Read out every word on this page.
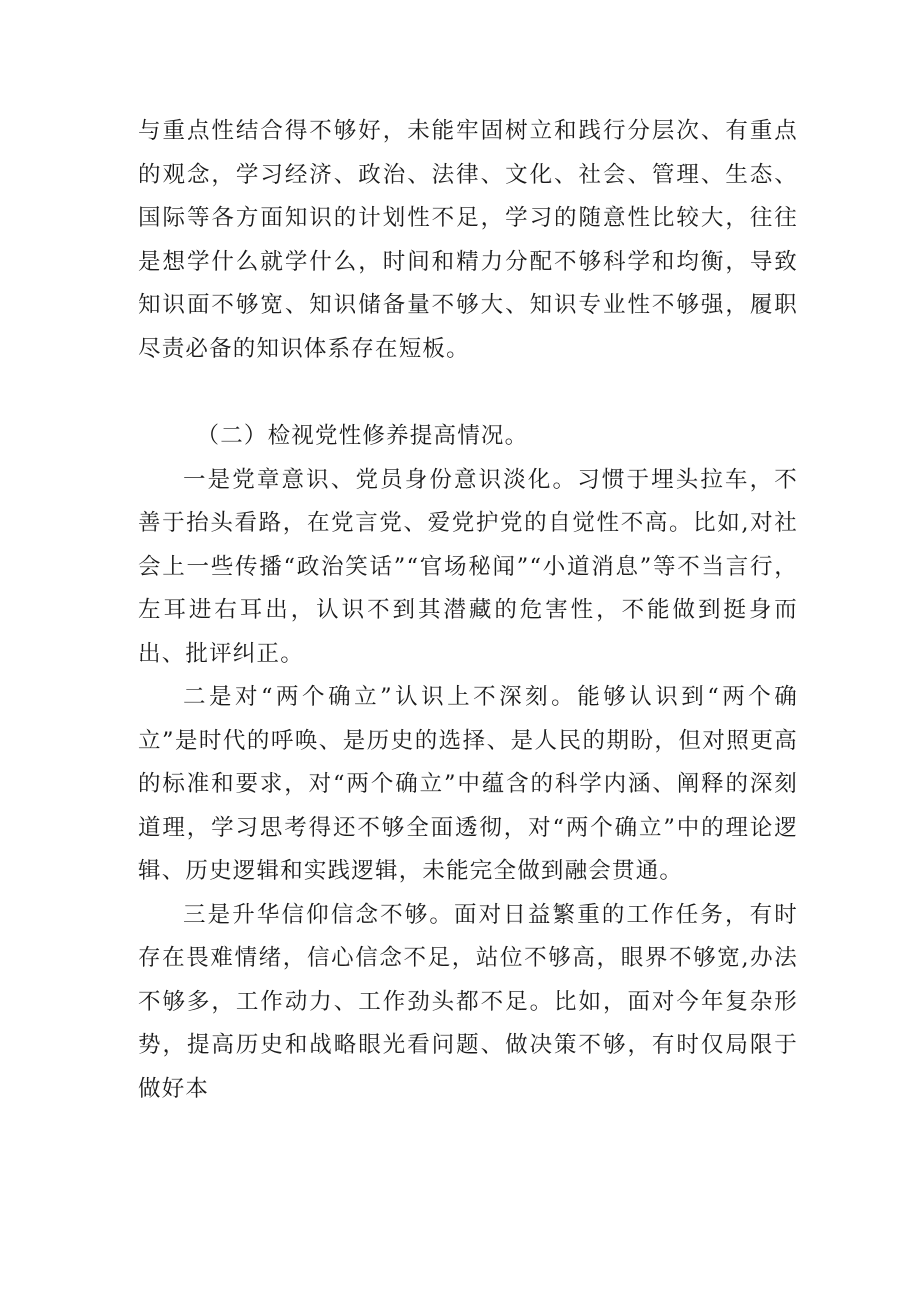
与重点性结合得不够好，未能牢固树立和践行分层次、有重点的观念，学习经济、政治、法律、文化、社会、管理、生态、国际等各方面知识的计划性不足，学习的随意性比较大，往往是想学什么就学什么，时间和精力分配不够科学和均衡，导致知识面不够宽、知识储备量不够大、知识专业性不够强，履职尽责必备的知识体系存在短板。

（二）检视党性修养提高情况。

一是党章意识、党员身份意识淡化。习惯于埋头拉车，不善于抬头看路，在党言党、爱党护党的自觉性不高。比如,对社会上一些传播“政治笑话”“官场秘闻”“小道消息”等不当言行，左耳进右耳出，认识不到其潜藏的危害性，不能做到挺身而出、批评纠正。

二是对“两个确立”认识上不深刻。能够认识到“两个确立”是时代的呼唤、是历史的选择、是人民的期盼，但对照更高的标准和要求，对“两个确立”中蕴含的科学内涵、阐释的深刻道理，学习思考得还不够全面透彻，对“两个确立”中的理论逻辑、历史逻辑和实践逻辑，未能完全做到融会贯通。

三是升华信仰信念不够。面对日益繁重的工作任务，有时存在畏难情绪，信心信念不足，站位不够高，眼界不够宽,办法不够多，工作动力、工作劲头都不足。比如，面对今年复杂形势，提高历史和战略眼光看问题、做决策不够，有时仅局限于做好本
